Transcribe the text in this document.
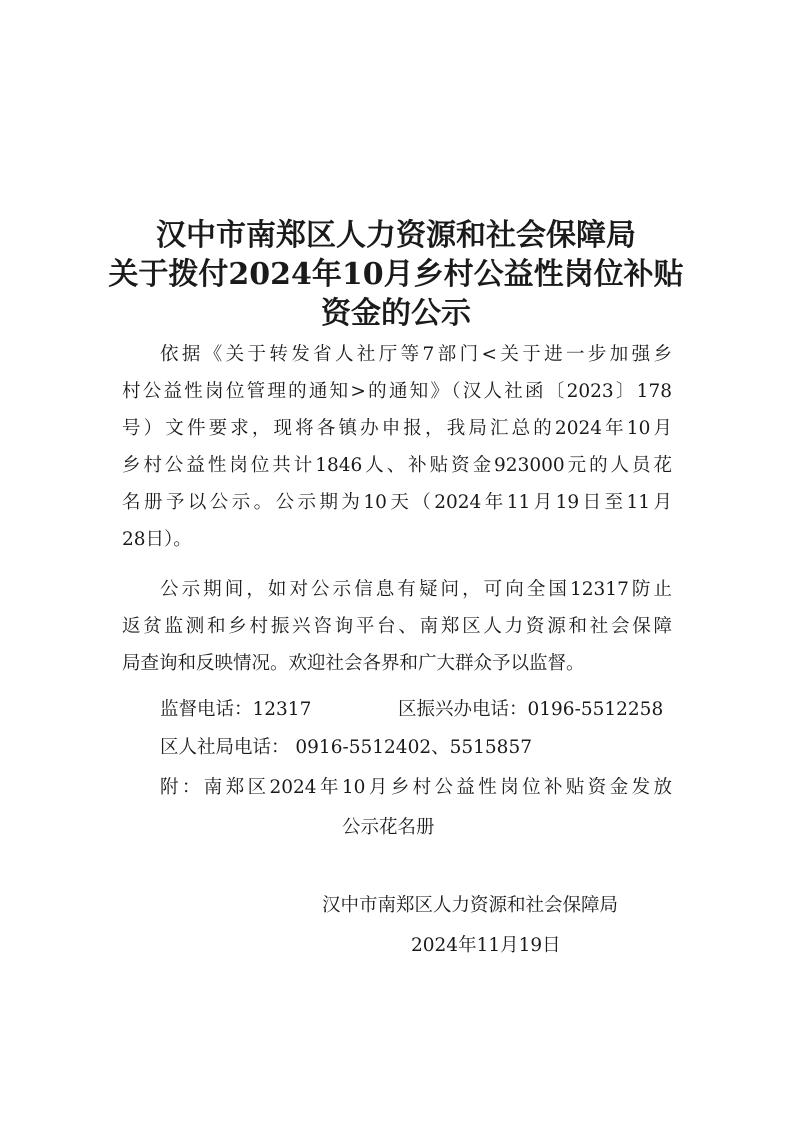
汉中市南郑区人力资源和社会保障局
关于拨付2024年10月乡村公益性岗位补贴
资金的公示
依据《关于转发省人社厅等7部门<关于进一步加强乡
村公益性岗位管理的通知>的通知》（汉人社函〔2023〕178
号）文件要求，现将各镇办申报，我局汇总的2024年10月
乡村公益性岗位共计1846人、补贴资金923000元的人员花
名册予以公示。公示期为10天（2024年11月19日至11月
28日）。
公示期间，如对公示信息有疑问，可向全国12317防止
返贫监测和乡村振兴咨询平台、南郑区人力资源和社会保障
局查询和反映情况。欢迎社会各界和广大群众予以监督。
监督电话：12317	区振兴办电话：0196-5512258
区人社局电话： 0916-5512402、5515857
附：南郑区2024年10月乡村公益性岗位补贴资金发放
公示花名册
汉中市南郑区人力资源和社会保障局
2024年11月19日
